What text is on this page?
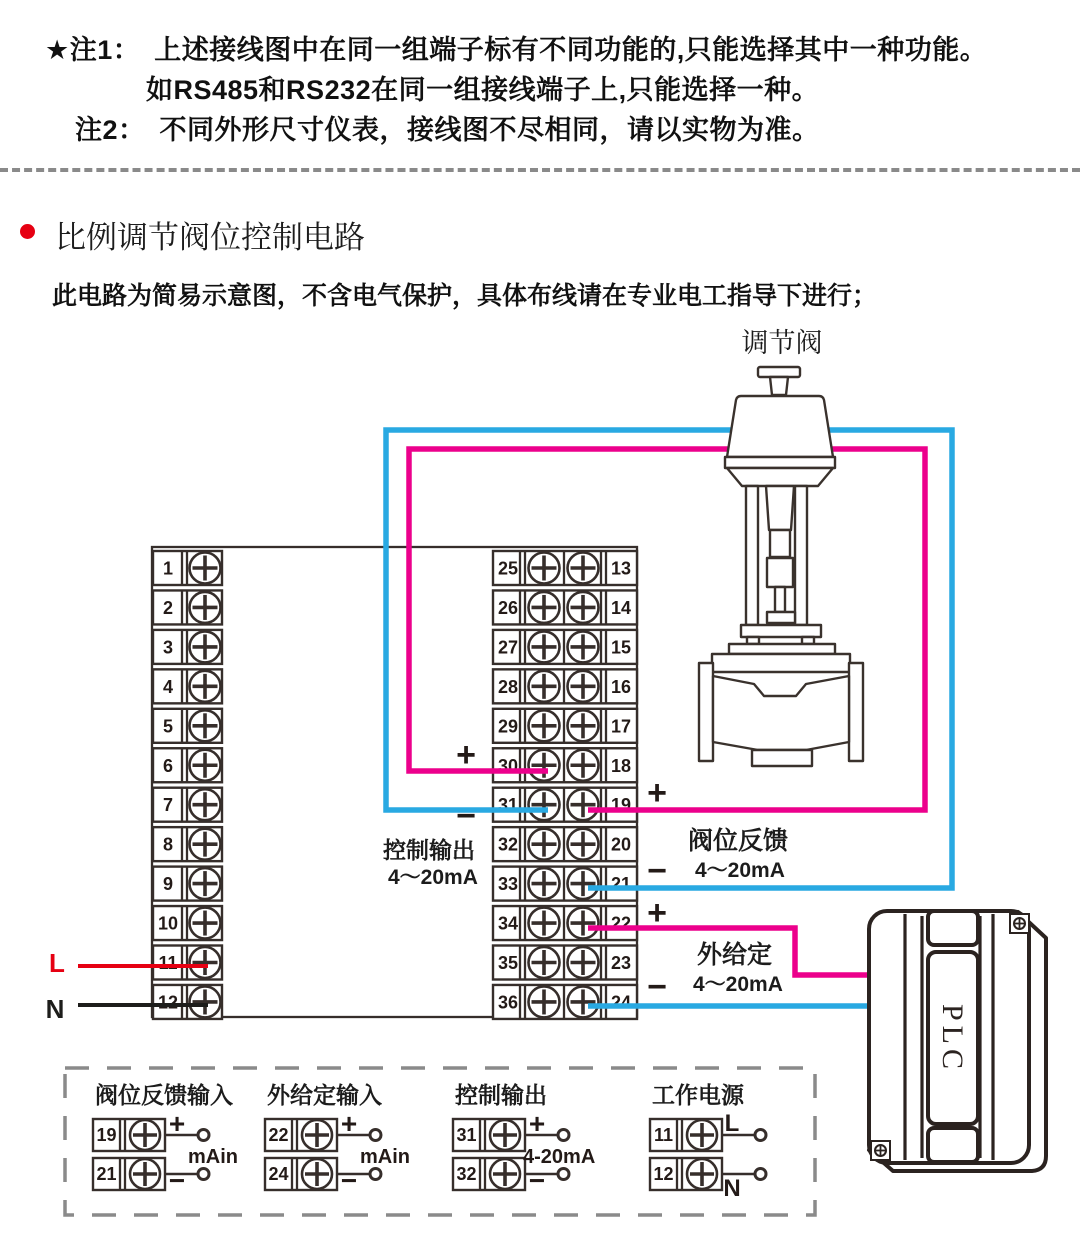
★注1： 上述接线图中在同一组端子标有不同功能的,只能选择其中一种功能。
如RS485和RS232在同一组接线端子上,只能选择一种。
注2： 不同外形尺寸仪表，接线图不尽相同，请以实物为准。
比例调节阀位控制电路
此电路为简易示意图，不含电气保护，具体布线请在专业电工指导下进行；
1
2
3
4
5
6
7
8
9
10
11
12
25	13
26	14
27	15
28	16
29	17
30	18
31	19
32	20
33	21
34	22
35	23
36	24
调节阀
PLC
控制输出
4～20mA
阀位反馈
4～20mA
外给定
4～20mA
+
−
+
−
+
−
L
N
阀位反馈输入
+
19
−
21
mAin
外给定输入
+
22
−
24
mAin
控制输出
+
31
−
32
4-20mA
工作电源
L
11
N
12
